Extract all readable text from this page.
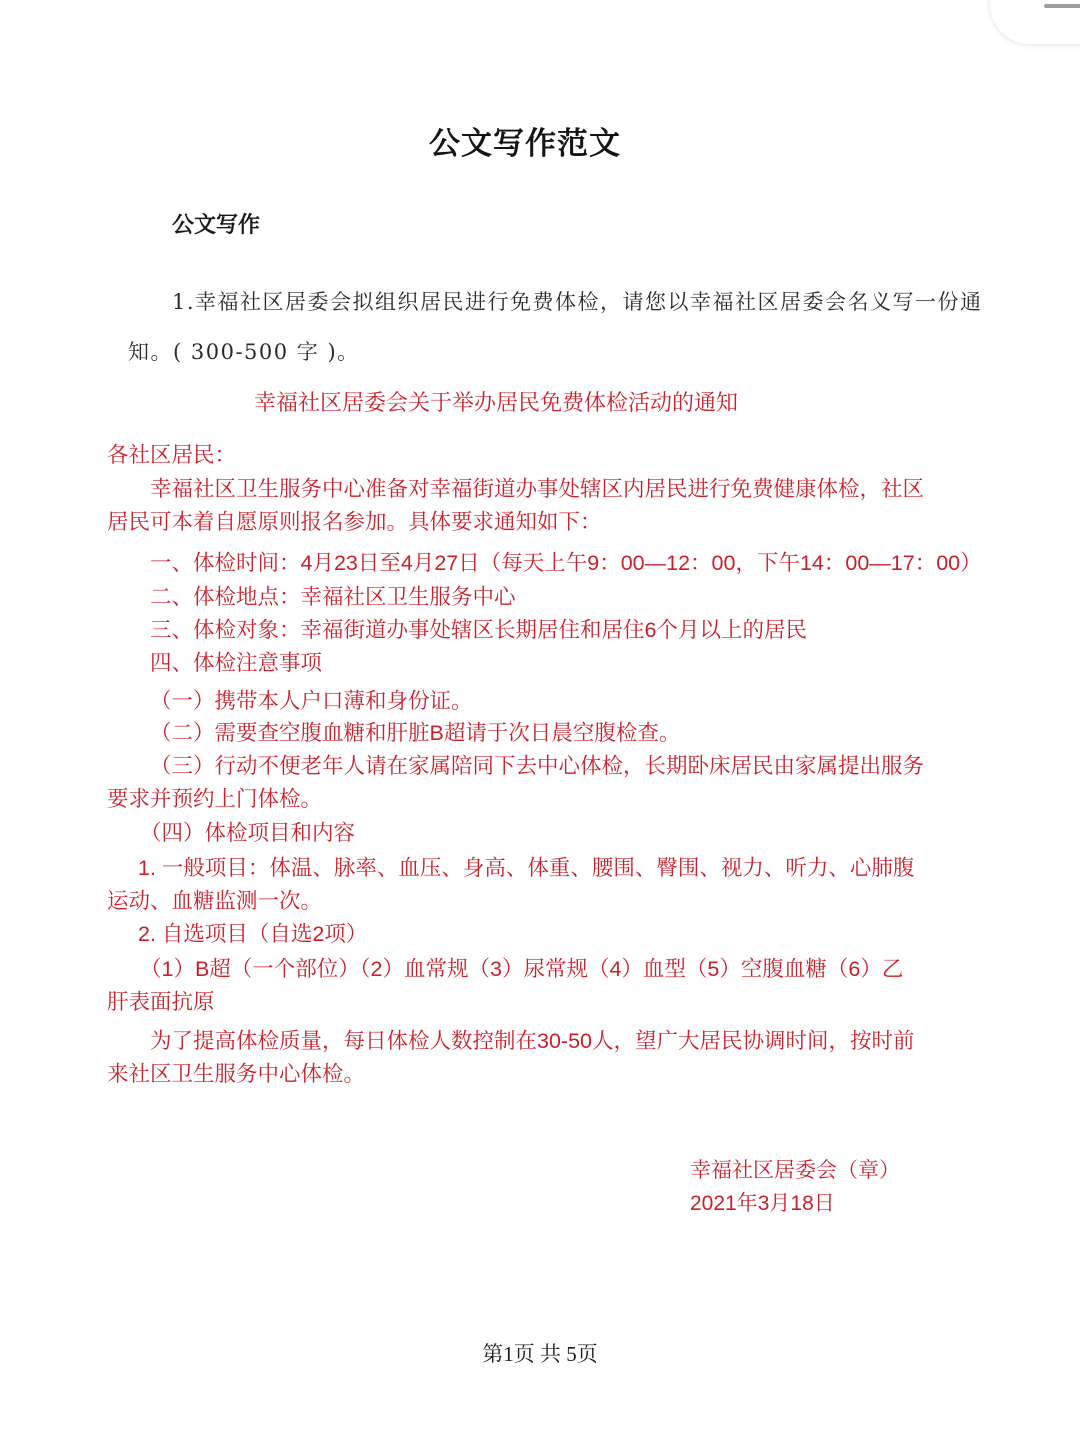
公文写作范文
公文写作
1.幸福社区居委会拟组织居民进行免费体检，请您以幸福社区居委会名义写一份通
知。( 300-500 字 )。
幸福社区居委会关于举办居民免费体检活动的通知
各社区居民：
幸福社区卫生服务中心准备对幸福街道办事处辖区内居民进行免费健康体检，社区
居民可本着自愿原则报名参加。具体要求通知如下：
一、体检时间：4月23日至4月27日（每天上午9：00—12：00，下午14：00—17：00）
二、体检地点：幸福社区卫生服务中心
三、体检对象：幸福街道办事处辖区长期居住和居住6个月以上的居民
四、体检注意事项
（一）携带本人户口薄和身份证。
（二）需要查空腹血糖和肝脏B超请于次日晨空腹检查。
（三）行动不便老年人请在家属陪同下去中心体检，长期卧床居民由家属提出服务
要求并预约上门体检。
（四）体检项目和内容
1. 一般项目：体温、脉率、血压、身高、体重、腰围、臀围、视力、听力、心肺腹
运动、血糖监测一次。
2. 自选项目（自选2项）
（1）B超（一个部位）（2）血常规（3）尿常规（4）血型（5）空腹血糖（6）乙
肝表面抗原
为了提高体检质量，每日体检人数控制在30-50人，望广大居民协调时间，按时前
来社区卫生服务中心体检。
幸福社区居委会（章）
2021年3月18日
第1页 共 5页
